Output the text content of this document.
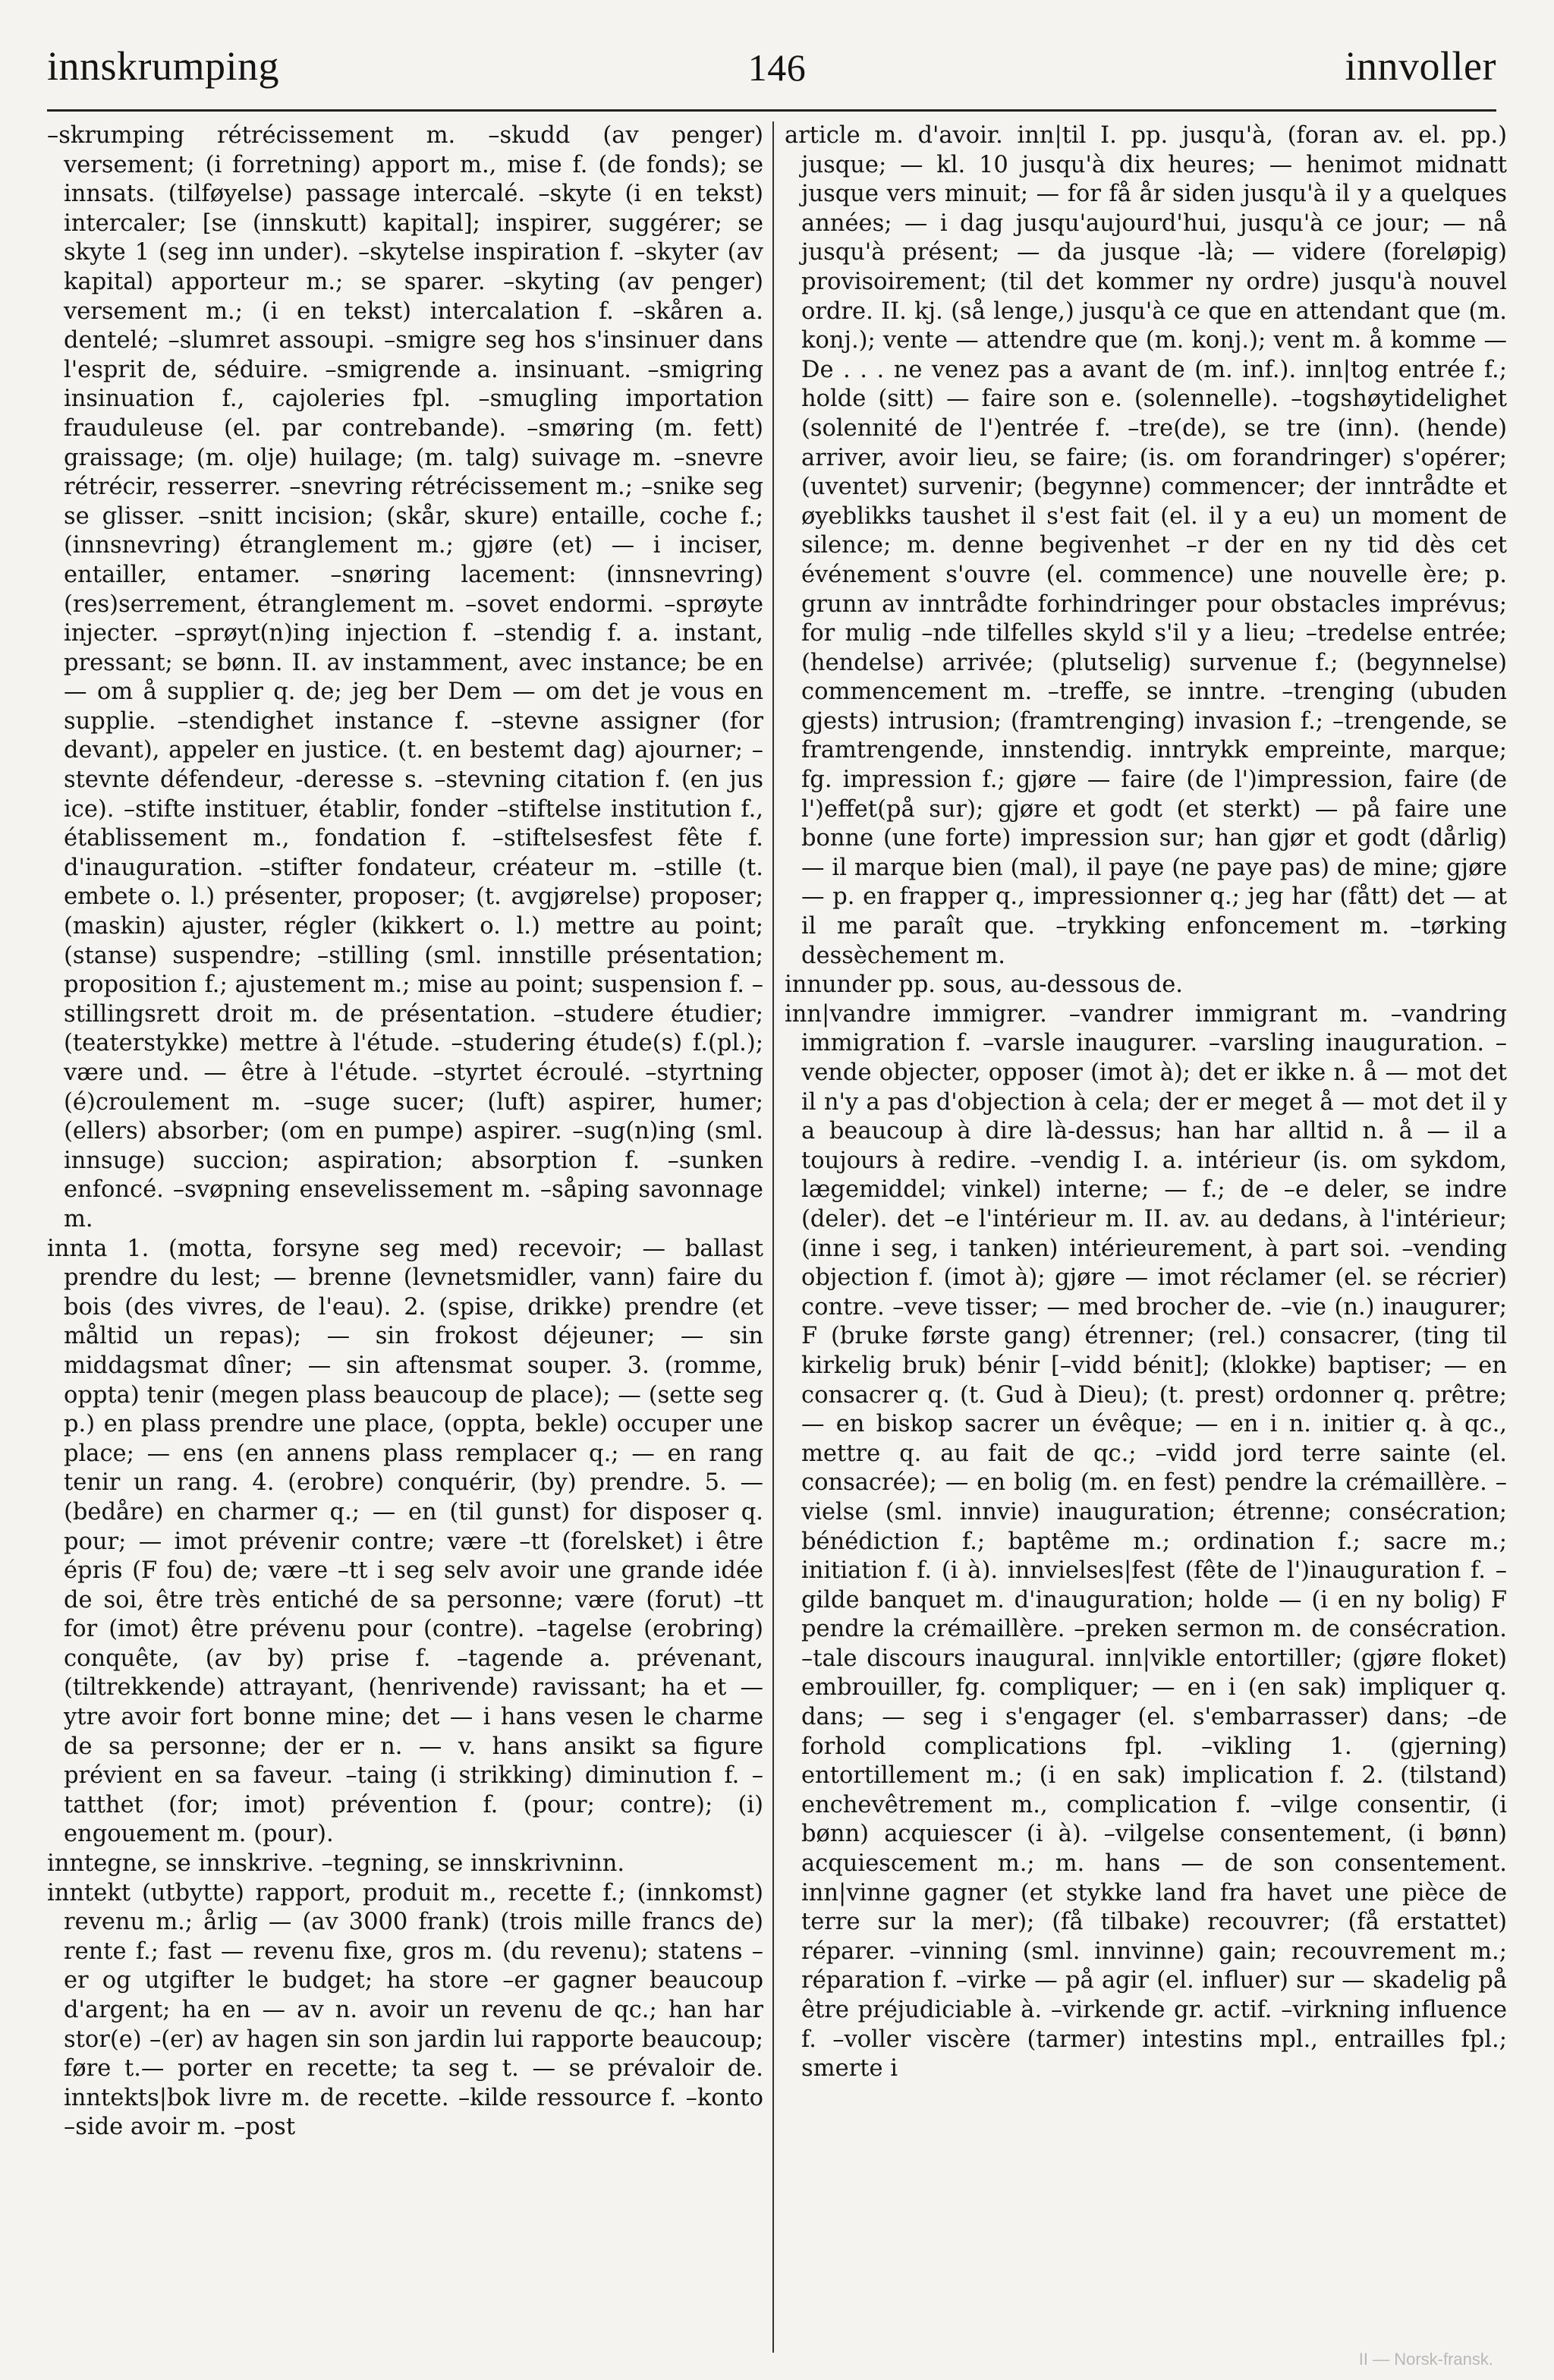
innskrumping	146	innvoller

–skrumping rétrécissement m. –skudd (av penger) versement; (i forretning) apport m., mise f. (de fonds); se innsats. (tilføyelse) passage intercalé. –skyte (i en tekst) intercaler; [se (innskutt) kapital]; inspirer, suggérer; se skyte 1 (seg inn under). –skytelse inspiration f. –skyter (av kapital) apporteur m.; se sparer. –skyting (av penger) versement m.; (i en tekst) intercalation f. –skåren a. dentelé; –slumret assoupi. –smigre seg hos s'insinuer dans l'esprit de, séduire. –smigrende a. insinuant. –smigring insinuation f., cajoleries fpl. –smugling importation frauduleuse (el. par contrebande). –smøring (m. fett) graissage; (m. olje) huilage; (m. talg) suivage m. –snevre rétrécir, resserrer. –snevring rétrécissement m.; –snike seg se glisser. –snitt incision; (skår, skure) entaille, coche f.; (innsnevring) étranglement m.; gjøre (et) — i inciser, entailler, entamer. –snøring lacement: (innsnevring) (res)serrement, étranglement m. –sovet endormi. –sprøyte injecter. –sprøyt(n)ing injection f. –stendig f. a. instant, pressant; se bønn. II. av instamment, avec instance; be en — om å supplier q. de; jeg ber Dem — om det je vous en supplie. –stendighet instance f. –stevne assigner (for devant), appeler en justice. (t. en bestemt dag) ajourner; –stevnte défendeur, -deresse s. –stevning citation f. (en jus ice). –stifte instituer, établir, fonder –stiftelse institution f., établissement m., fondation f. –stiftelsesfest fête f. d'inauguration. –stifter fondateur, créateur m. –stille (t. embete o. l.) présenter, proposer; (t. avgjørelse) proposer; (maskin) ajuster, régler (kikkert o. l.) mettre au point; (stanse) suspendre; –stilling (sml. innstille présentation; proposition f.; ajustement m.; mise au point; suspension f. –stillingsrett droit m. de présentation. –studere étudier; (teaterstykke) mettre à l'étude. –studering étude(s) f.(pl.); være und. — être à l'étude. –styrtet écroulé. –styrtning (é)croulement m. –suge sucer; (luft) aspirer, humer; (ellers) absorber; (om en pumpe) aspirer. –sug(n)ing (sml. innsuge) succion; aspiration; absorption f. –sunken enfoncé. –svøpning ensevelissement m. –såping savonnage m.

innta 1. (motta, forsyne seg med) recevoir; — ballast prendre du lest; — brenne (levnetsmidler, vann) faire du bois (des vivres, de l'eau). 2. (spise, drikke) prendre (et måltid un repas); — sin frokost déjeuner; — sin middagsmat dîner; — sin aftensmat souper. 3. (romme, oppta) tenir (megen plass beaucoup de place); — (sette seg p.) en plass prendre une place, (oppta, bekle) occuper une place; — ens (en annens plass remplacer q.; — en rang tenir un rang. 4. (erobre) conquérir, (by) prendre. 5. — (bedåre) en charmer q.; — en (til gunst) for disposer q. pour; — imot prévenir contre; være –tt (forelsket) i être épris (F fou) de; være –tt i seg selv avoir une grande idée de soi, être très entiché de sa personne; være (forut) –tt for (imot) être prévenu pour (contre). –tagelse (erobring) conquête, (av by) prise f. –tagende a. prévenant, (tiltrekkende) attrayant, (henrivende) ravissant; ha et — ytre avoir fort bonne mine; det — i hans vesen le charme de sa personne; der er n. — v. hans ansikt sa figure prévient en sa faveur. –taing (i strikking) diminution f. –tatthet (for; imot) prévention f. (pour; contre); (i) engouement m. (pour).

inntegne, se innskrive. –tegning, se innskrivninn.

inntekt (utbytte) rapport, produit m., recette f.; (innkomst) revenu m.; årlig — (av 3000 frank) (trois mille francs de) rente f.; fast — revenu fixe, gros m. (du revenu); statens –er og utgifter le budget; ha store –er gagner beaucoup d'argent; ha en — av n. avoir un revenu de qc.; han har stor(e) –(er) av hagen sin son jardin lui rapporte beaucoup; føre t.— porter en recette; ta seg t. — se prévaloir de. inntekts|bok livre m. de recette. –kilde ressource f. –konto –side avoir m. –post

article m. d'avoir. inn|til I. pp. jusqu'à, (foran av. el. pp.) jusque; — kl. 10 jusqu'à dix heures; — henimot midnatt jusque vers minuit; — for få år siden jusqu'à il y a quelques années; — i dag jusqu'aujourd'hui, jusqu'à ce jour; — nå jusqu'à présent; — da jusque -là; — videre (foreløpig) provisoirement; (til det kommer ny ordre) jusqu'à nouvel ordre. II. kj. (så lenge,) jusqu'à ce que en attendant que (m. konj.); vente — attendre que (m. konj.); vent m. å komme — De . . . ne venez pas a avant de (m. inf.). inn|tog entrée f.; holde (sitt) — faire son e. (solennelle). –togshøytidelighet (solennité de l')entrée f. –tre(de), se tre (inn). (hende) arriver, avoir lieu, se faire; (is. om forandringer) s'opérer; (uventet) survenir; (begynne) commencer; der inntrådte et øyeblikks taushet il s'est fait (el. il y a eu) un moment de silence; m. denne begivenhet –r der en ny tid dès cet événement s'ouvre (el. commence) une nouvelle ère; p. grunn av inntrådte forhindringer pour obstacles imprévus; for mulig –nde tilfelles skyld s'il y a lieu; –tredelse entrée; (hendelse) arrivée; (plutselig) survenue f.; (begynnelse) commencement m. –treffe, se inntre. –trenging (ubuden gjests) intrusion; (framtrenging) invasion f.; –trengende, se framtrengende, innstendig. inntrykk empreinte, marque; fg. impression f.; gjøre — faire (de l')impression, faire (de l')effet(på sur); gjøre et godt (et sterkt) — på faire une bonne (une forte) impression sur; han gjør et godt (dårlig) — il marque bien (mal), il paye (ne paye pas) de mine; gjøre — p. en frapper q., impressionner q.; jeg har (fått) det — at il me paraît que. –trykking enfoncement m. –tørking dessèchement m.

innunder pp. sous, au-dessous de.

inn|vandre immigrer. –vandrer immigrant m. –vandring immigration f. –varsle inaugurer. –varsling inauguration. –vende objecter, opposer (imot à); det er ikke n. å — mot det il n'y a pas d'objection à cela; der er meget å — mot det il y a beaucoup à dire là-dessus; han har alltid n. å — il a toujours à redire. –vendig I. a. intérieur (is. om sykdom, lægemiddel; vinkel) interne; — f.; de –e deler, se indre (deler). det –e l'intérieur m. II. av. au dedans, à l'intérieur; (inne i seg, i tanken) intérieurement, à part soi. –vending objection f. (imot à); gjøre — imot réclamer (el. se récrier) contre. –veve tisser; — med brocher de. –vie (n.) inaugurer; F (bruke første gang) étrenner; (rel.) consacrer, (ting til kirkelig bruk) bénir [–vidd bénit]; (klokke) baptiser; — en consacrer q. (t. Gud à Dieu); (t. prest) ordonner q. prêtre; — en biskop sacrer un évêque; — en i n. initier q. à qc., mettre q. au fait de qc.; –vidd jord terre sainte (el. consacrée); — en bolig (m. en fest) pendre la crémaillère. –vielse (sml. innvie) inauguration; étrenne; consécration; bénédiction f.; baptême m.; ordination f.; sacre m.; initiation f. (i à). innvielses|fest (fête de l')inauguration f. –gilde banquet m. d'inauguration; holde — (i en ny bolig) F pendre la crémaillère. –preken sermon m. de consécration. –tale discours inaugural. inn|vikle entortiller; (gjøre floket) embrouiller, fg. compliquer; — en i (en sak) impliquer q. dans; — seg i s'engager (el. s'embarrasser) dans; –de forhold complications fpl. –vikling 1. (gjerning) entortillement m.; (i en sak) implication f. 2. (tilstand) enchevêtrement m., complication f. –vilge consentir, (i bønn) acquiescer (i à). –vilgelse consentement, (i bønn) acquiescement m.; m. hans — de son consentement. inn|vinne gagner (et stykke land fra havet une pièce de terre sur la mer); (få tilbake) recouvrer; (få erstattet) réparer. –vinning (sml. innvinne) gain; recouvrement m.; réparation f. –virke — på agir (el. influer) sur — skadelig på être préjudiciable à. –virkende gr. actif. –virkning influence f. –voller viscère (tarmer) intestins mpl., entrailles fpl.; smerte i

II — Norsk-fransk.
